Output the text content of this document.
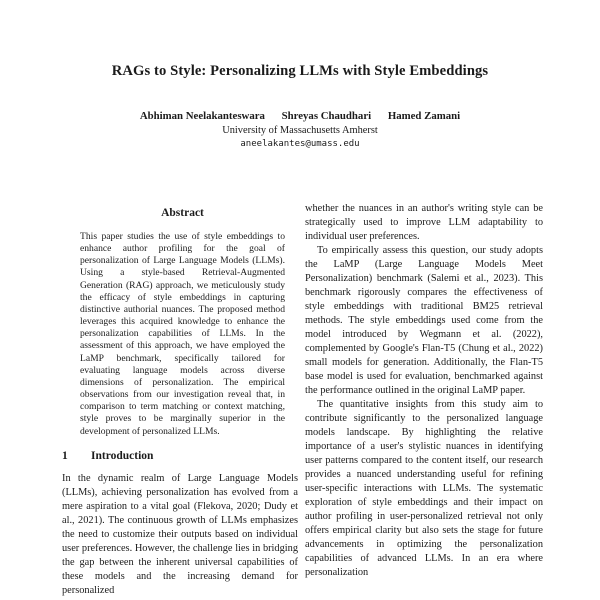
RAGs to Style: Personalizing LLMs with Style Embeddings
Abhiman Neelakanteswara Shreyas Chaudhari Hamed Zamani
University of Massachusetts Amherst
aneelakantes@umass.edu
Abstract
This paper studies the use of style embeddings to enhance author profiling for the goal of personalization of Large Language Models (LLMs). Using a style-based Retrieval-Augmented Generation (RAG) approach, we meticulously study the efficacy of style embeddings in capturing distinctive authorial nuances. The proposed method leverages this acquired knowledge to enhance the personalization capabilities of LLMs. In the assessment of this approach, we have employed the LaMP benchmark, specifically tailored for evaluating language models across diverse dimensions of personalization. The empirical observations from our investigation reveal that, in comparison to term matching or context matching, style proves to be marginally superior in the development of personalized LLMs.
1	Introduction

In the dynamic realm of Large Language Models (LLMs), achieving personalization has evolved from a mere aspiration to a vital goal (Flekova, 2020; Dudy et al., 2021). The continuous growth of LLMs emphasizes the need to customize their outputs based on individual user preferences. However, the challenge lies in bridging the gap between the inherent universal capabilities of these models and the increasing demand for personalized

whether the nuances in an author's writing style can be strategically used to improve LLM adaptability to individual user preferences.

To empirically assess this question, our study adopts the LaMP (Large Language Models Meet Personalization) benchmark (Salemi et al., 2023). This benchmark rigorously compares the effectiveness of style embeddings with traditional BM25 retrieval methods. The style embeddings used come from the model introduced by Wegmann et al. (2022), complemented by Google's Flan-T5 (Chung et al., 2022) small models for generation. Additionally, the Flan-T5 base model is used for evaluation, benchmarked against the performance outlined in the original LaMP paper.

The quantitative insights from this study aim to contribute significantly to the personalized language models landscape. By highlighting the relative importance of a user's stylistic nuances in identifying user patterns compared to the content itself, our research provides a nuanced understanding useful for refining user-specific interactions with LLMs. The systematic exploration of style embeddings and their impact on author profiling in user-personalized retrieval not only offers empirical clarity but also sets the stage for future advancements in optimizing the personalization capabilities of advanced LLMs. In an era where personalization
